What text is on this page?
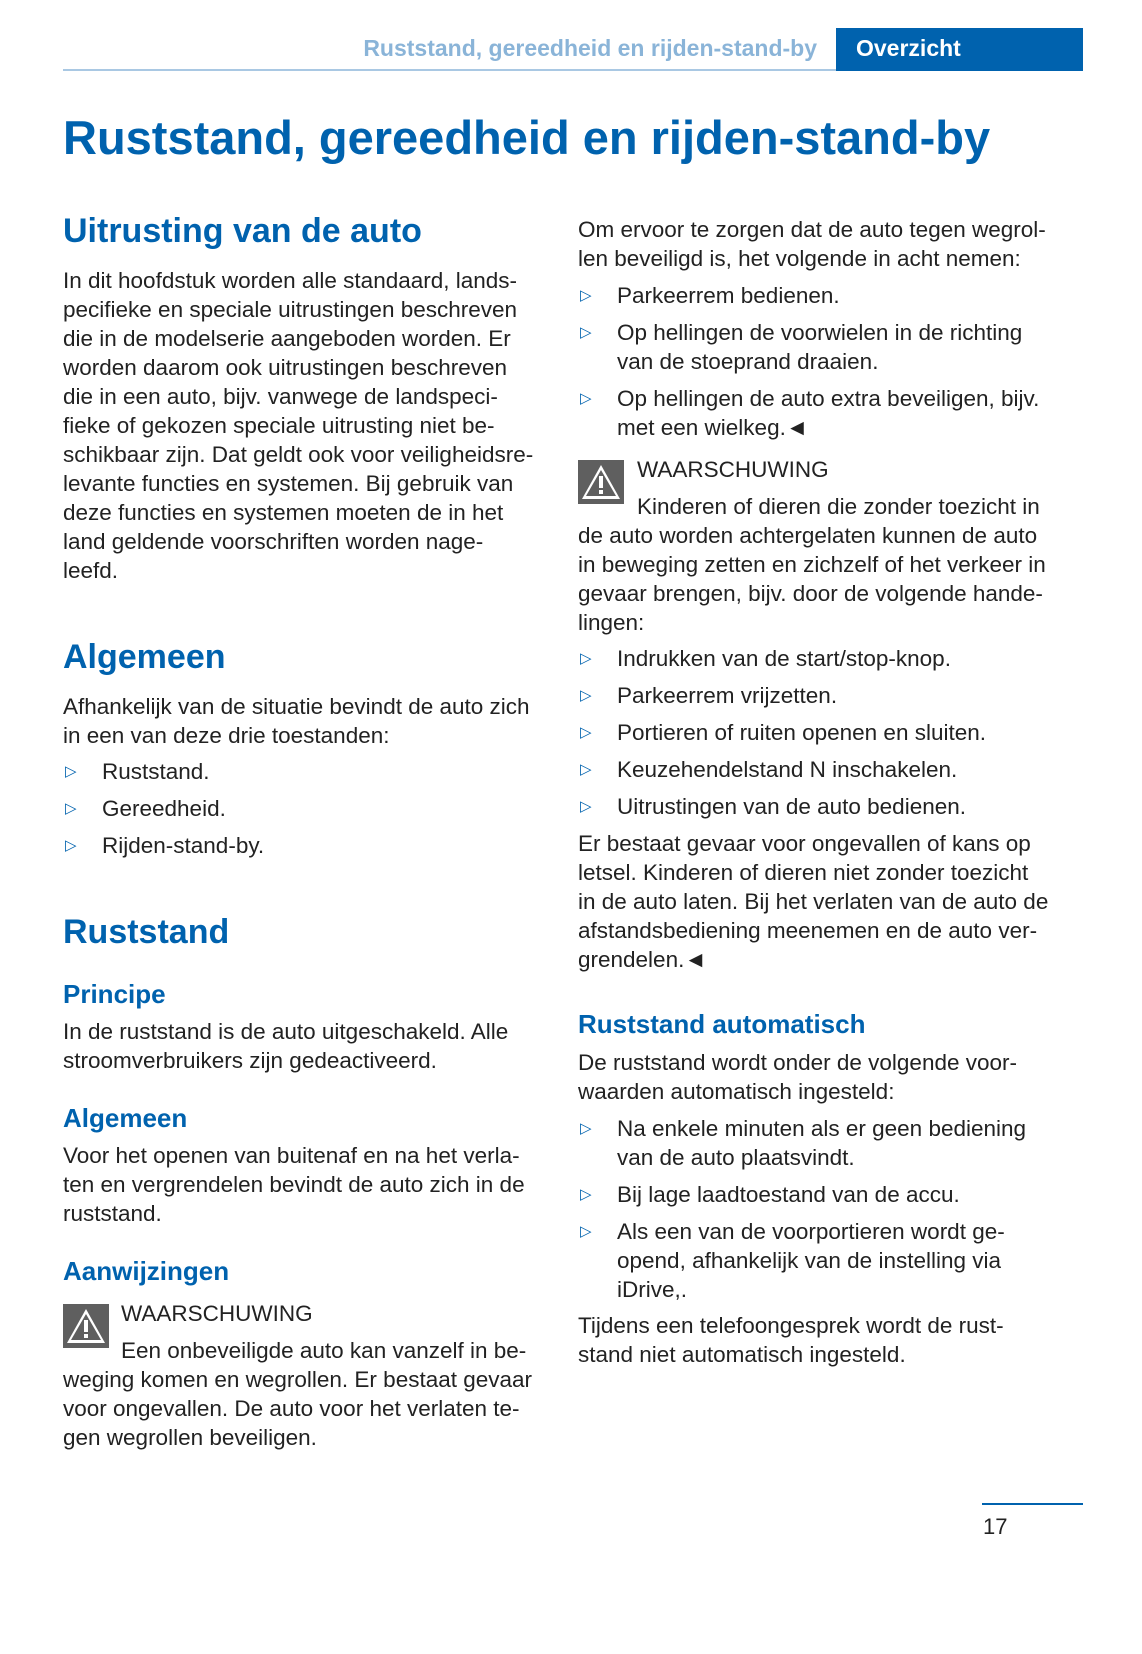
Ruststand, gereedheid en rijden-stand-by Overzicht
Ruststand, gereedheid en rijden-stand-by
Uitrusting van de auto
In dit hoofdstuk worden alle standaard, lands-
pecifieke en speciale uitrustingen beschreven
die in de modelserie aangeboden worden. Er
worden daarom ook uitrustingen beschreven
die in een auto, bijv. vanwege de landspeci-
fieke of gekozen speciale uitrusting niet be-
schikbaar zijn. Dat geldt ook voor veiligheidsre-
levante functies en systemen. Bij gebruik van
deze functies en systemen moeten de in het
land geldende voorschriften worden nage-
leefd.
Algemeen
Afhankelijk van de situatie bevindt de auto zich
in een van deze drie toestanden:
▷ Ruststand.
▷ Gereedheid.
▷ Rijden-stand-by.
Ruststand
Principe
In de ruststand is de auto uitgeschakeld. Alle
stroomverbruikers zijn gedeactiveerd.
Algemeen
Voor het openen van buitenaf en na het verla-
ten en vergrendelen bevindt de auto zich in de
ruststand.
Aanwijzingen
WAARSCHUWING
Een onbeveiligde auto kan vanzelf in be-
weging komen en wegrollen. Er bestaat gevaar
voor ongevallen. De auto voor het verlaten te-
gen wegrollen beveiligen.
Om ervoor te zorgen dat de auto tegen wegrol-
len beveiligd is, het volgende in acht nemen:
▷ Parkeerrem bedienen.
▷ Op hellingen de voorwielen in de richting
van de stoeprand draaien.
▷ Op hellingen de auto extra beveiligen, bijv.
met een wielkeg.◄
WAARSCHUWING
Kinderen of dieren die zonder toezicht in
de auto worden achtergelaten kunnen de auto
in beweging zetten en zichzelf of het verkeer in
gevaar brengen, bijv. door de volgende hande-
lingen:
▷ Indrukken van de start/stop-knop.
▷ Parkeerrem vrijzetten.
▷ Portieren of ruiten openen en sluiten.
▷ Keuzehendelstand N inschakelen.
▷ Uitrustingen van de auto bedienen.
Er bestaat gevaar voor ongevallen of kans op
letsel. Kinderen of dieren niet zonder toezicht
in de auto laten. Bij het verlaten van de auto de
afstandsbediening meenemen en de auto ver-
grendelen.◄
Ruststand automatisch
De ruststand wordt onder de volgende voor-
waarden automatisch ingesteld:
▷ Na enkele minuten als er geen bediening
van de auto plaatsvindt.
▷ Bij lage laadtoestand van de accu.
▷ Als een van de voorportieren wordt ge-
opend, afhankelijk van de instelling via
iDrive,.
Tijdens een telefoongesprek wordt de rust-
stand niet automatisch ingesteld.
17
